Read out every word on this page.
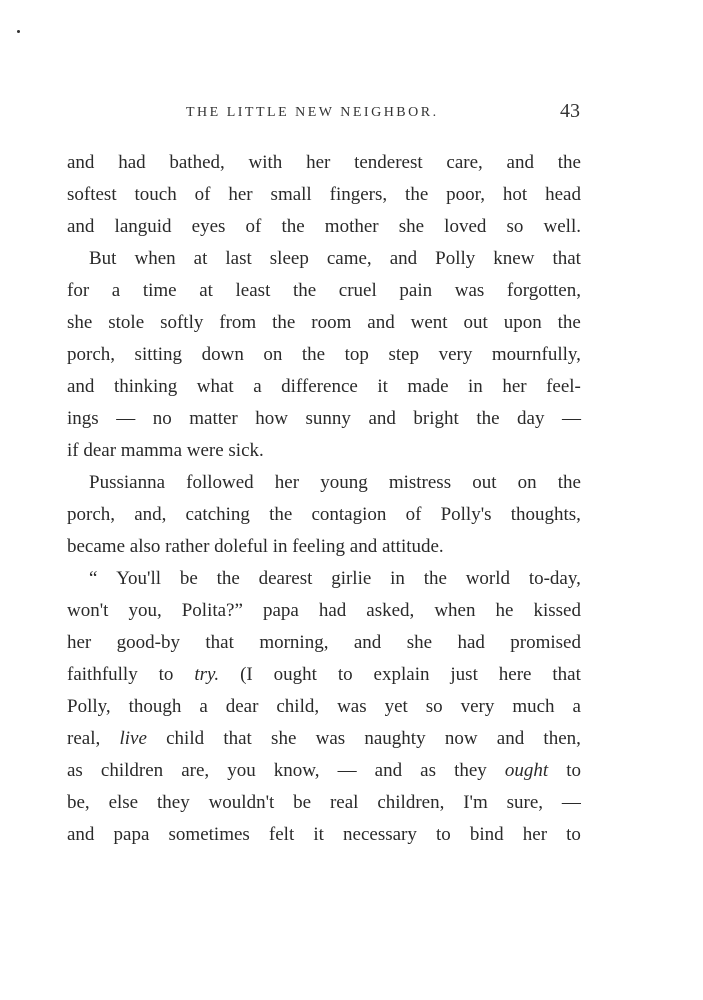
THE LITTLE NEW NEIGHBOR.	43
and had bathed, with her tenderest care, and the
softest touch of her small fingers, the poor, hot head
and languid eyes of the mother she loved so well.
But when at last sleep came, and Polly knew that
for a time at least the cruel pain was forgotten,
she stole softly from the room and went out upon the
porch, sitting down on the top step very mournfully,
and thinking what a difference it made in her feel-
ings — no matter how sunny and bright the day —
if dear mamma were sick.
Pussianna followed her young mistress out on the
porch, and, catching the contagion of Polly's thoughts,
became also rather doleful in feeling and attitude.
“ You'll be the dearest girlie in the world to-day,
won't you, Polita?” papa had asked, when he kissed
her good-by that morning, and she had promised
faithfully to try. (I ought to explain just here that
Polly, though a dear child, was yet so very much a
real, live child that she was naughty now and then,
as children are, you know, — and as they ought to
be, else they wouldn't be real children, I'm sure, —
and papa sometimes felt it necessary to bind her to
